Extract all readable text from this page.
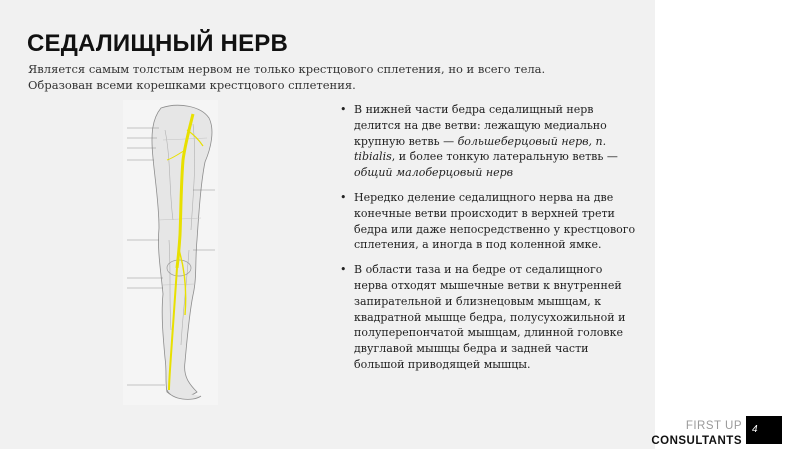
СЕДАЛИЩНЫЙ НЕРВ

Является самым толстым нервом не только крестцового сплетения, но и всего тела.
Образован всеми корешками крестцового сплетения.

• В нижней части бедра седалищный нерв делится на две ветви: лежащую медиально крупную ветвь — большеберцовый нерв, n. tibialis, и более тонкую латеральную ветвь — общий малоберцовый нерв
• Нередко деление седалищного нерва на две конечные ветви происходит в верхней трети бедра или даже непосредственно у крестцового сплетения, а иногда в под коленной ямке.
• В области таза и на бедре от седалищного нерва отходят мышечные ветви к внутренней запирательной и близнецовым мышцам, к квадратной мышце бедра, полусухожильной и полуперепончатой мышцам, длинной головке двуглавой мышцы бедра и задней части большой приводящей мышцы.
FIRST UP
CONSULTANTS
4
